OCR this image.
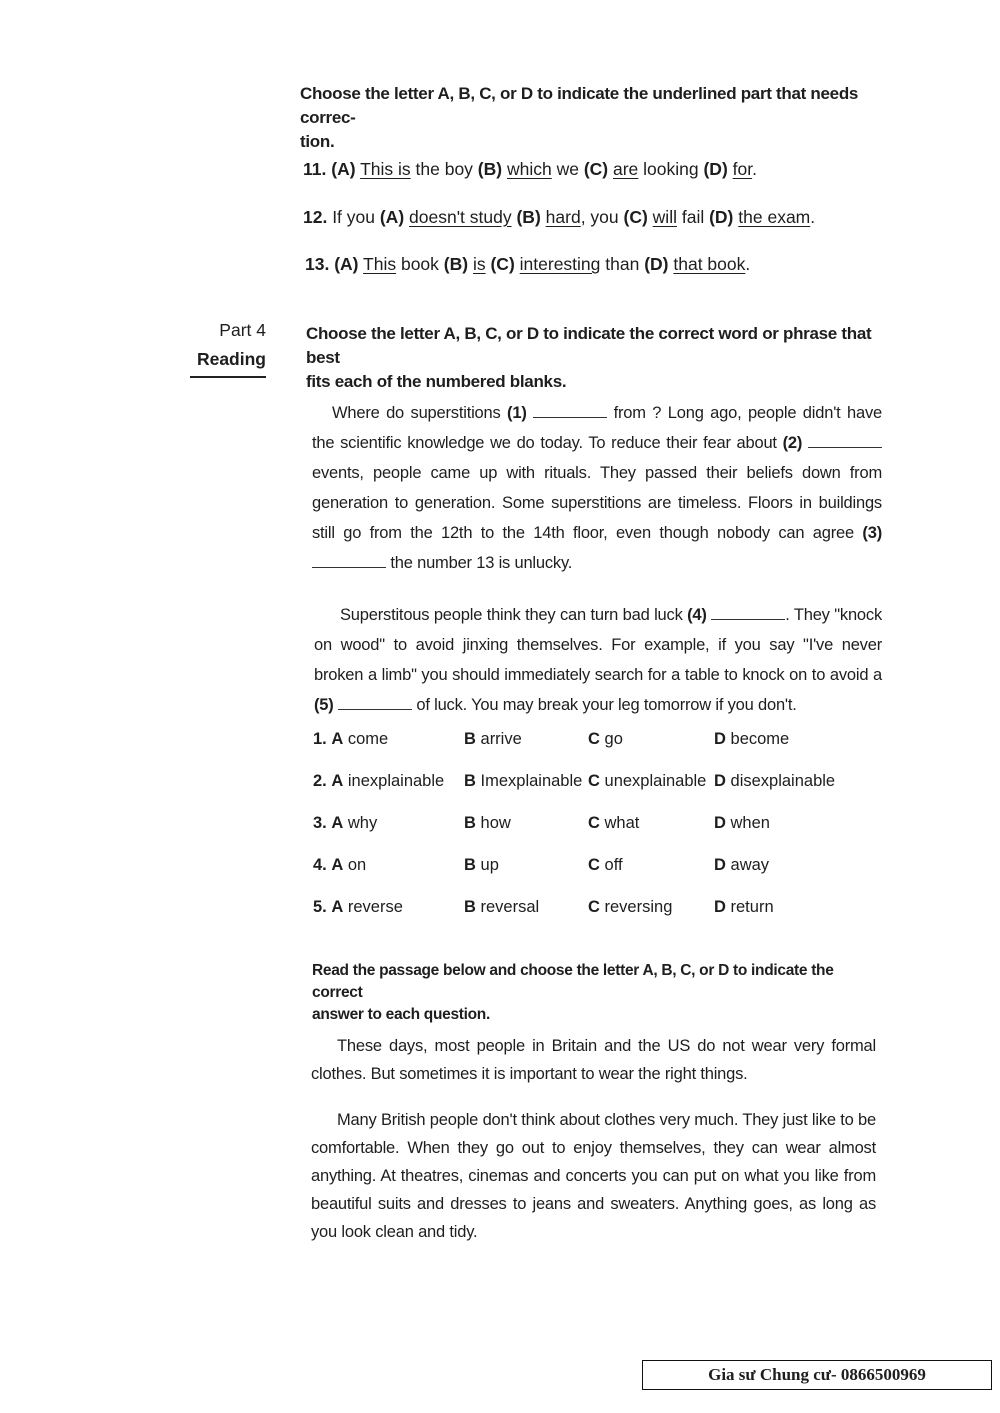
Choose the letter A, B, C, or D to indicate the underlined part that needs correc-
tion.
11. (A) This is the boy (B) which we (C) are looking (D) for.
12. If you (A) doesn't study (B) hard, you (C) will fail (D) the exam.
13. (A) This book (B) is (C) interesting than (D) that book.
Part 4
Reading
Choose the letter A, B, C, or D to indicate the correct word or phrase that best
fits each of the numbered blanks.
Where do superstitions (1)	from ? Long ago, people didn't have the scientific knowledge we do today. To reduce their fear about (2)  events, people came up with rituals. They passed their beliefs down from generation to generation. Some superstitions are timeless. Floors in buildings still go from the 12th to the 14th floor, even though nobody can agree (3)  the number 13 is unlucky.
Superstitous people think they can turn bad luck (4)	. They "knock on wood" to avoid jinxing themselves. For example, if you say "I've never broken a limb" you should immediately search for a table to knock on to avoid a (5)	of luck. You may break your leg tomorrow if you don't.
1. A come	B arrive	C go	D become
2. A inexplainable B Imexplainable C unexplainable D disexplainable
3. A why	B how	C what	D when
4. A on	B up	C off	D away
5. A reverse	B reversal	C reversing	D return
Read the passage below and choose the letter A, B, C, or D to indicate the correct
answer to each question.
These days, most people in Britain and the US do not wear very formal clothes. But sometimes it is important to wear the right things.
Many British people don't think about clothes very much. They just like to be comfortable. When they go out to enjoy themselves, they can wear almost anything. At theatres, cinemas and concerts you can put on what you like from beautiful suits and dresses to jeans and sweaters. Anything goes, as long as you look clean and tidy.
Gia sư Chung cư- 0866500969
